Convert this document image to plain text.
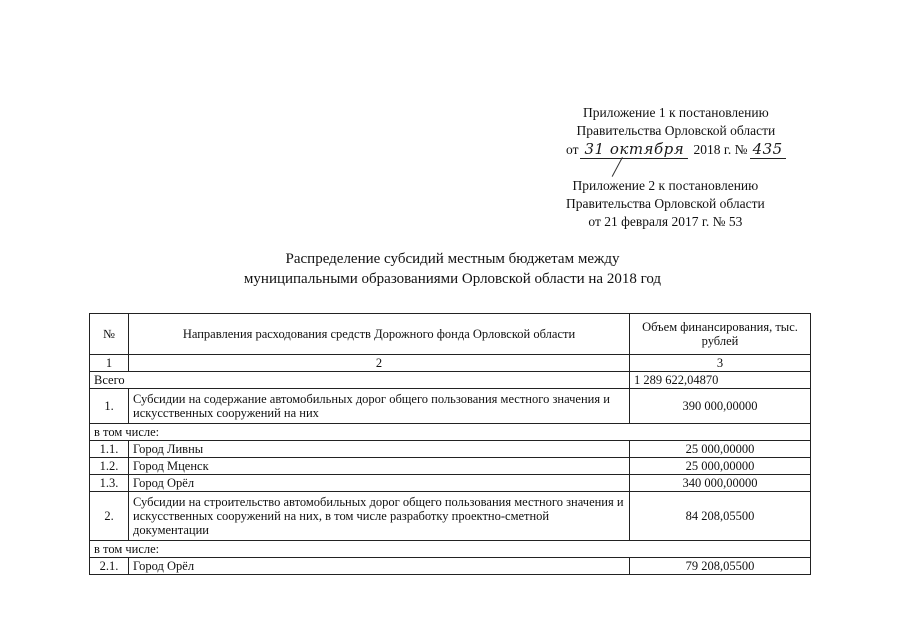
Приложение 1 к постановлению
Правительства Орловской области
от 31 октября 2018 г. № 435
Приложение 2 к постановлению
Правительства Орловской области
от 21 февраля 2017 г. № 53
Распределение субсидий местным бюджетам между
муниципальными образованиями Орловской области на 2018 год
№	Направления расходования средств Дорожного фонда Орловской области	Объем финансирования, тыс. рублей
1	2	3
Всего		1 289 622,04870
1.	Субсидии на содержание автомобильных дорог общего пользования местного значения и искусственных сооружений на них	390 000,00000
в том числе:		
1.1.	Город Ливны	25 000,00000
1.2.	Город Мценск	25 000,00000
1.3.	Город Орёл	340 000,00000
2.	Субсидии на строительство автомобильных дорог общего пользования местного значения и искусственных сооружений на них, в том числе разработку проектно-сметной документации	84 208,05500
в том числе:		
2.1.	Город Орёл	79 208,05500
